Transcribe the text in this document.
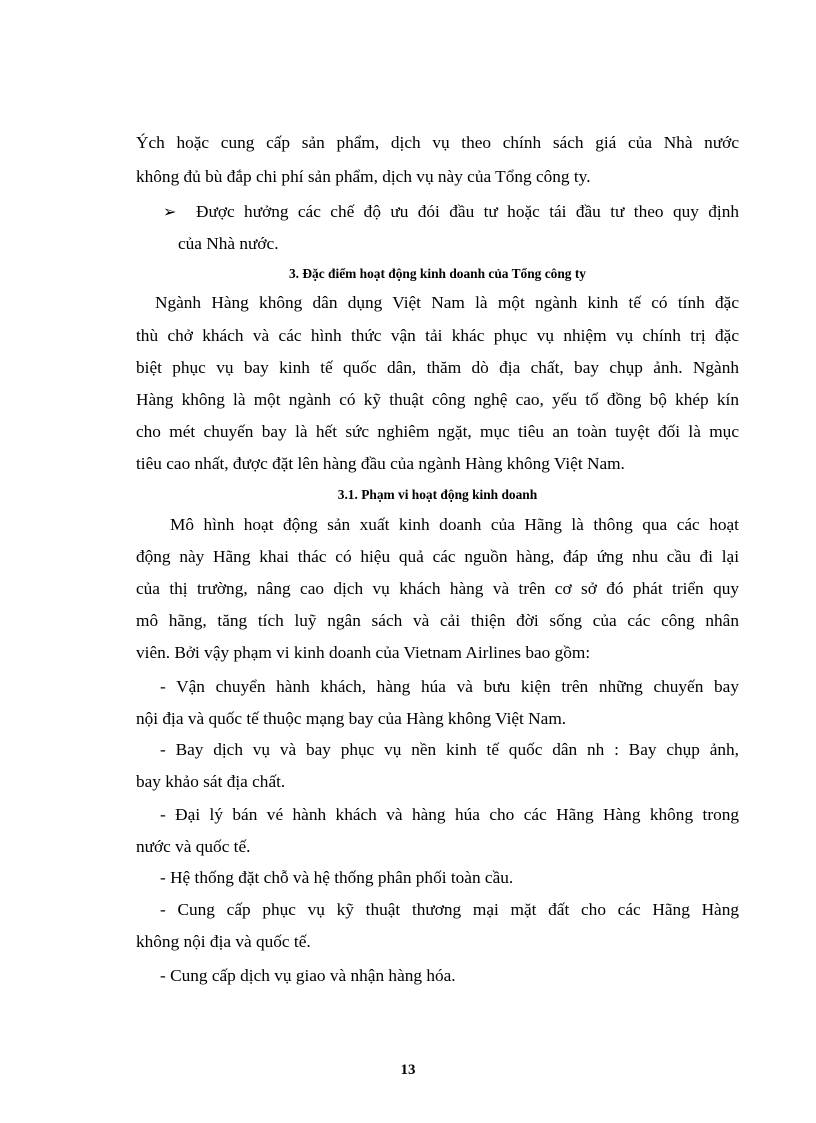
Ých hoặc cung cấp sản phẩm, dịch vụ theo chính sách giá của Nhà nước
không đủ bù đắp chi phí sản phẩm, dịch vụ này của Tổng công ty.
➢ Được hưởng các chế độ ưu đói đầu tư hoặc tái đầu tư theo quy định
của Nhà nước.
3. Đặc điểm hoạt động kinh doanh của Tổng công ty
Ngành Hàng không dân dụng Việt Nam là một ngành kinh tế có tính đặc
thù chở khách và các hình thức vận tải khác phục vụ nhiệm vụ chính trị đặc
biệt phục vụ bay kinh tế quốc dân, thăm dò địa chất, bay chụp ảnh. Ngành
Hàng không là một ngành có kỹ thuật công nghệ cao, yếu tố đồng bộ khép kín
cho mét chuyến bay là hết sức nghiêm ngặt, mục tiêu an toàn tuyệt đối là mục
tiêu cao nhất, được đặt lên hàng đầu của ngành Hàng không Việt Nam.
3.1. Phạm vi hoạt động kinh doanh
Mô hình hoạt động sản xuất kinh doanh của Hãng là thông qua các hoạt
động này Hãng khai thác có hiệu quả các nguồn hàng, đáp ứng nhu cầu đi lại
của thị trường, nâng cao dịch vụ khách hàng và trên cơ sở đó phát triển quy
mô hãng, tăng tích luỹ ngân sách và cải thiện đời sống của các công nhân
viên. Bởi vậy phạm vi kinh doanh của Vietnam Airlines bao gồm:
- Vận chuyển hành khách, hàng húa và bưu kiện trên những chuyến bay
nội địa và quốc tế thuộc mạng bay của Hàng không Việt Nam.
- Bay dịch vụ và bay phục vụ nền kinh tế quốc dân nh : Bay chụp ảnh,
bay khảo sát địa chất.
- Đại lý bán vé hành khách và hàng húa cho các Hãng Hàng không trong
nước và quốc tế.
- Hệ thống đặt chỗ và hệ thống phân phối toàn cầu.
- Cung cấp phục vụ kỹ thuật thương mại mặt đất cho các Hãng Hàng
không nội địa và quốc tế.
- Cung cấp dịch vụ giao và nhận hàng hóa.
13
